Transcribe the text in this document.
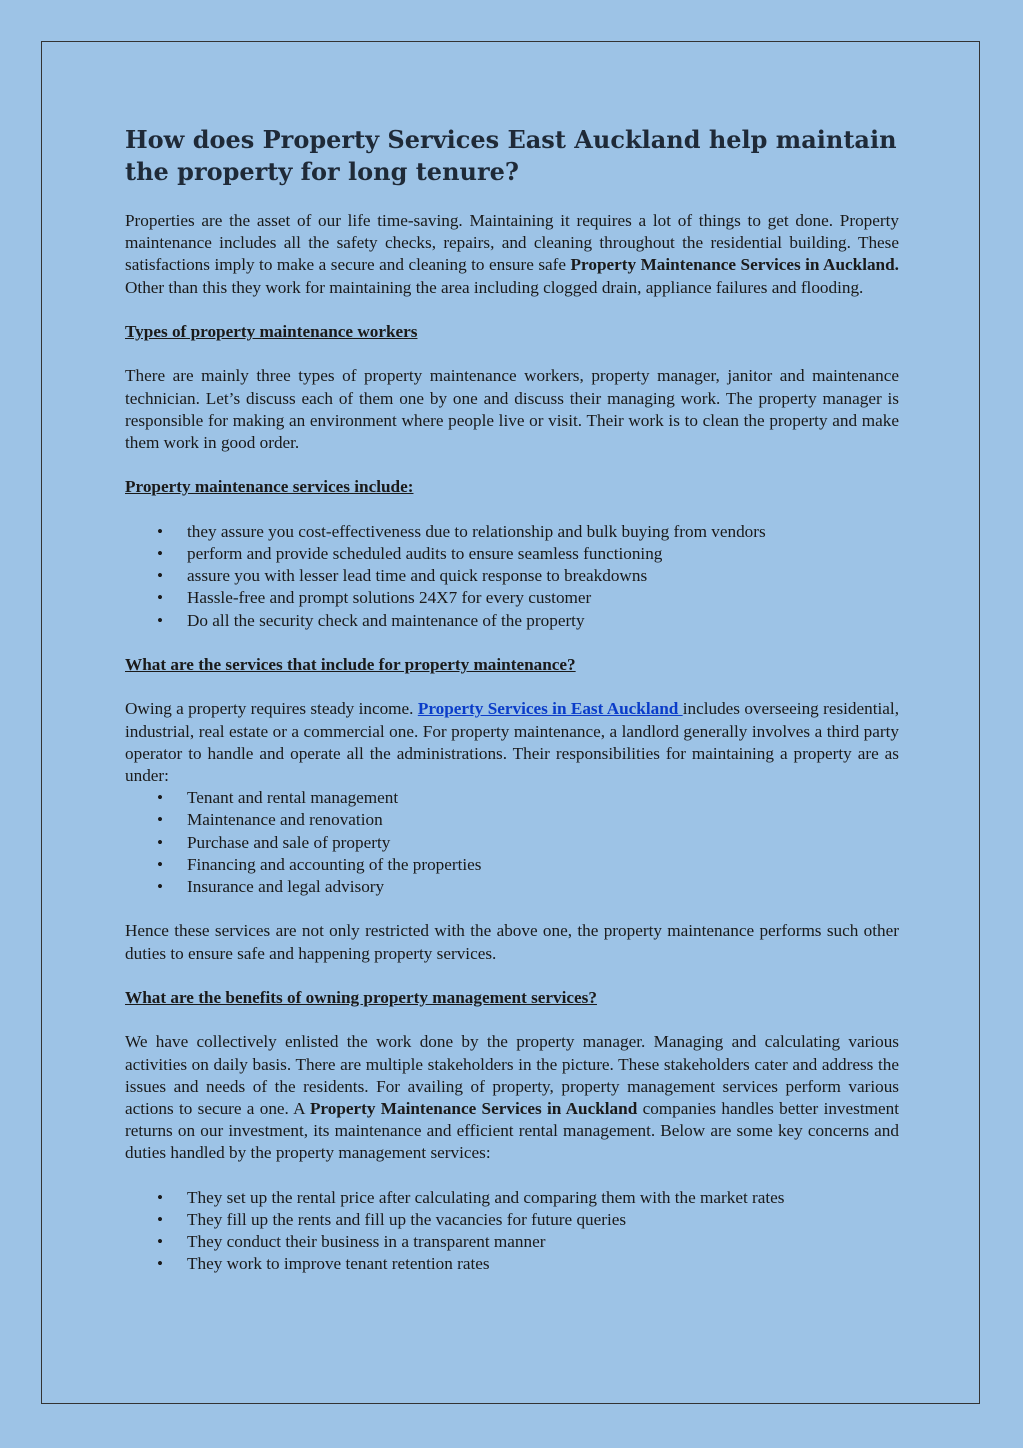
How does Property Services East Auckland help maintain the property for long tenure?

Properties are the asset of our life time-saving. Maintaining it requires a lot of things to get done. Property maintenance includes all the safety checks, repairs, and cleaning throughout the residential building. These satisfactions imply to make a secure and cleaning to ensure safe Property Maintenance Services in Auckland. Other than this they work for maintaining the area including clogged drain, appliance failures and flooding.

Types of property maintenance workers

There are mainly three types of property maintenance workers, property manager, janitor and maintenance technician. Let’s discuss each of them one by one and discuss their managing work. The property manager is responsible for making an environment where people live or visit. Their work is to clean the property and make them work in good order.

Property maintenance services include:

• they assure you cost-effectiveness due to relationship and bulk buying from vendors
• perform and provide scheduled audits to ensure seamless functioning
• assure you with lesser lead time and quick response to breakdowns
• Hassle-free and prompt solutions 24X7 for every customer
• Do all the security check and maintenance of the property

What are the services that include for property maintenance?

Owing a property requires steady income. Property Services in East Auckland includes overseeing residential, industrial, real estate or a commercial one. For property maintenance, a landlord generally involves a third party operator to handle and operate all the administrations. Their responsibilities for maintaining a property are as under:

• Tenant and rental management
• Maintenance and renovation
• Purchase and sale of property
• Financing and accounting of the properties
• Insurance and legal advisory

Hence these services are not only restricted with the above one, the property maintenance performs such other duties to ensure safe and happening property services.

What are the benefits of owning property management services?

We have collectively enlisted the work done by the property manager. Managing and calculating various activities on daily basis. There are multiple stakeholders in the picture. These stakeholders cater and address the issues and needs of the residents. For availing of property, property management services perform various actions to secure a one. A Property Maintenance Services in Auckland companies handles better investment returns on our investment, its maintenance and efficient rental management. Below are some key concerns and duties handled by the property management services:

• They set up the rental price after calculating and comparing them with the market rates
• They fill up the rents and fill up the vacancies for future queries
• They conduct their business in a transparent manner
• They work to improve tenant retention rates
